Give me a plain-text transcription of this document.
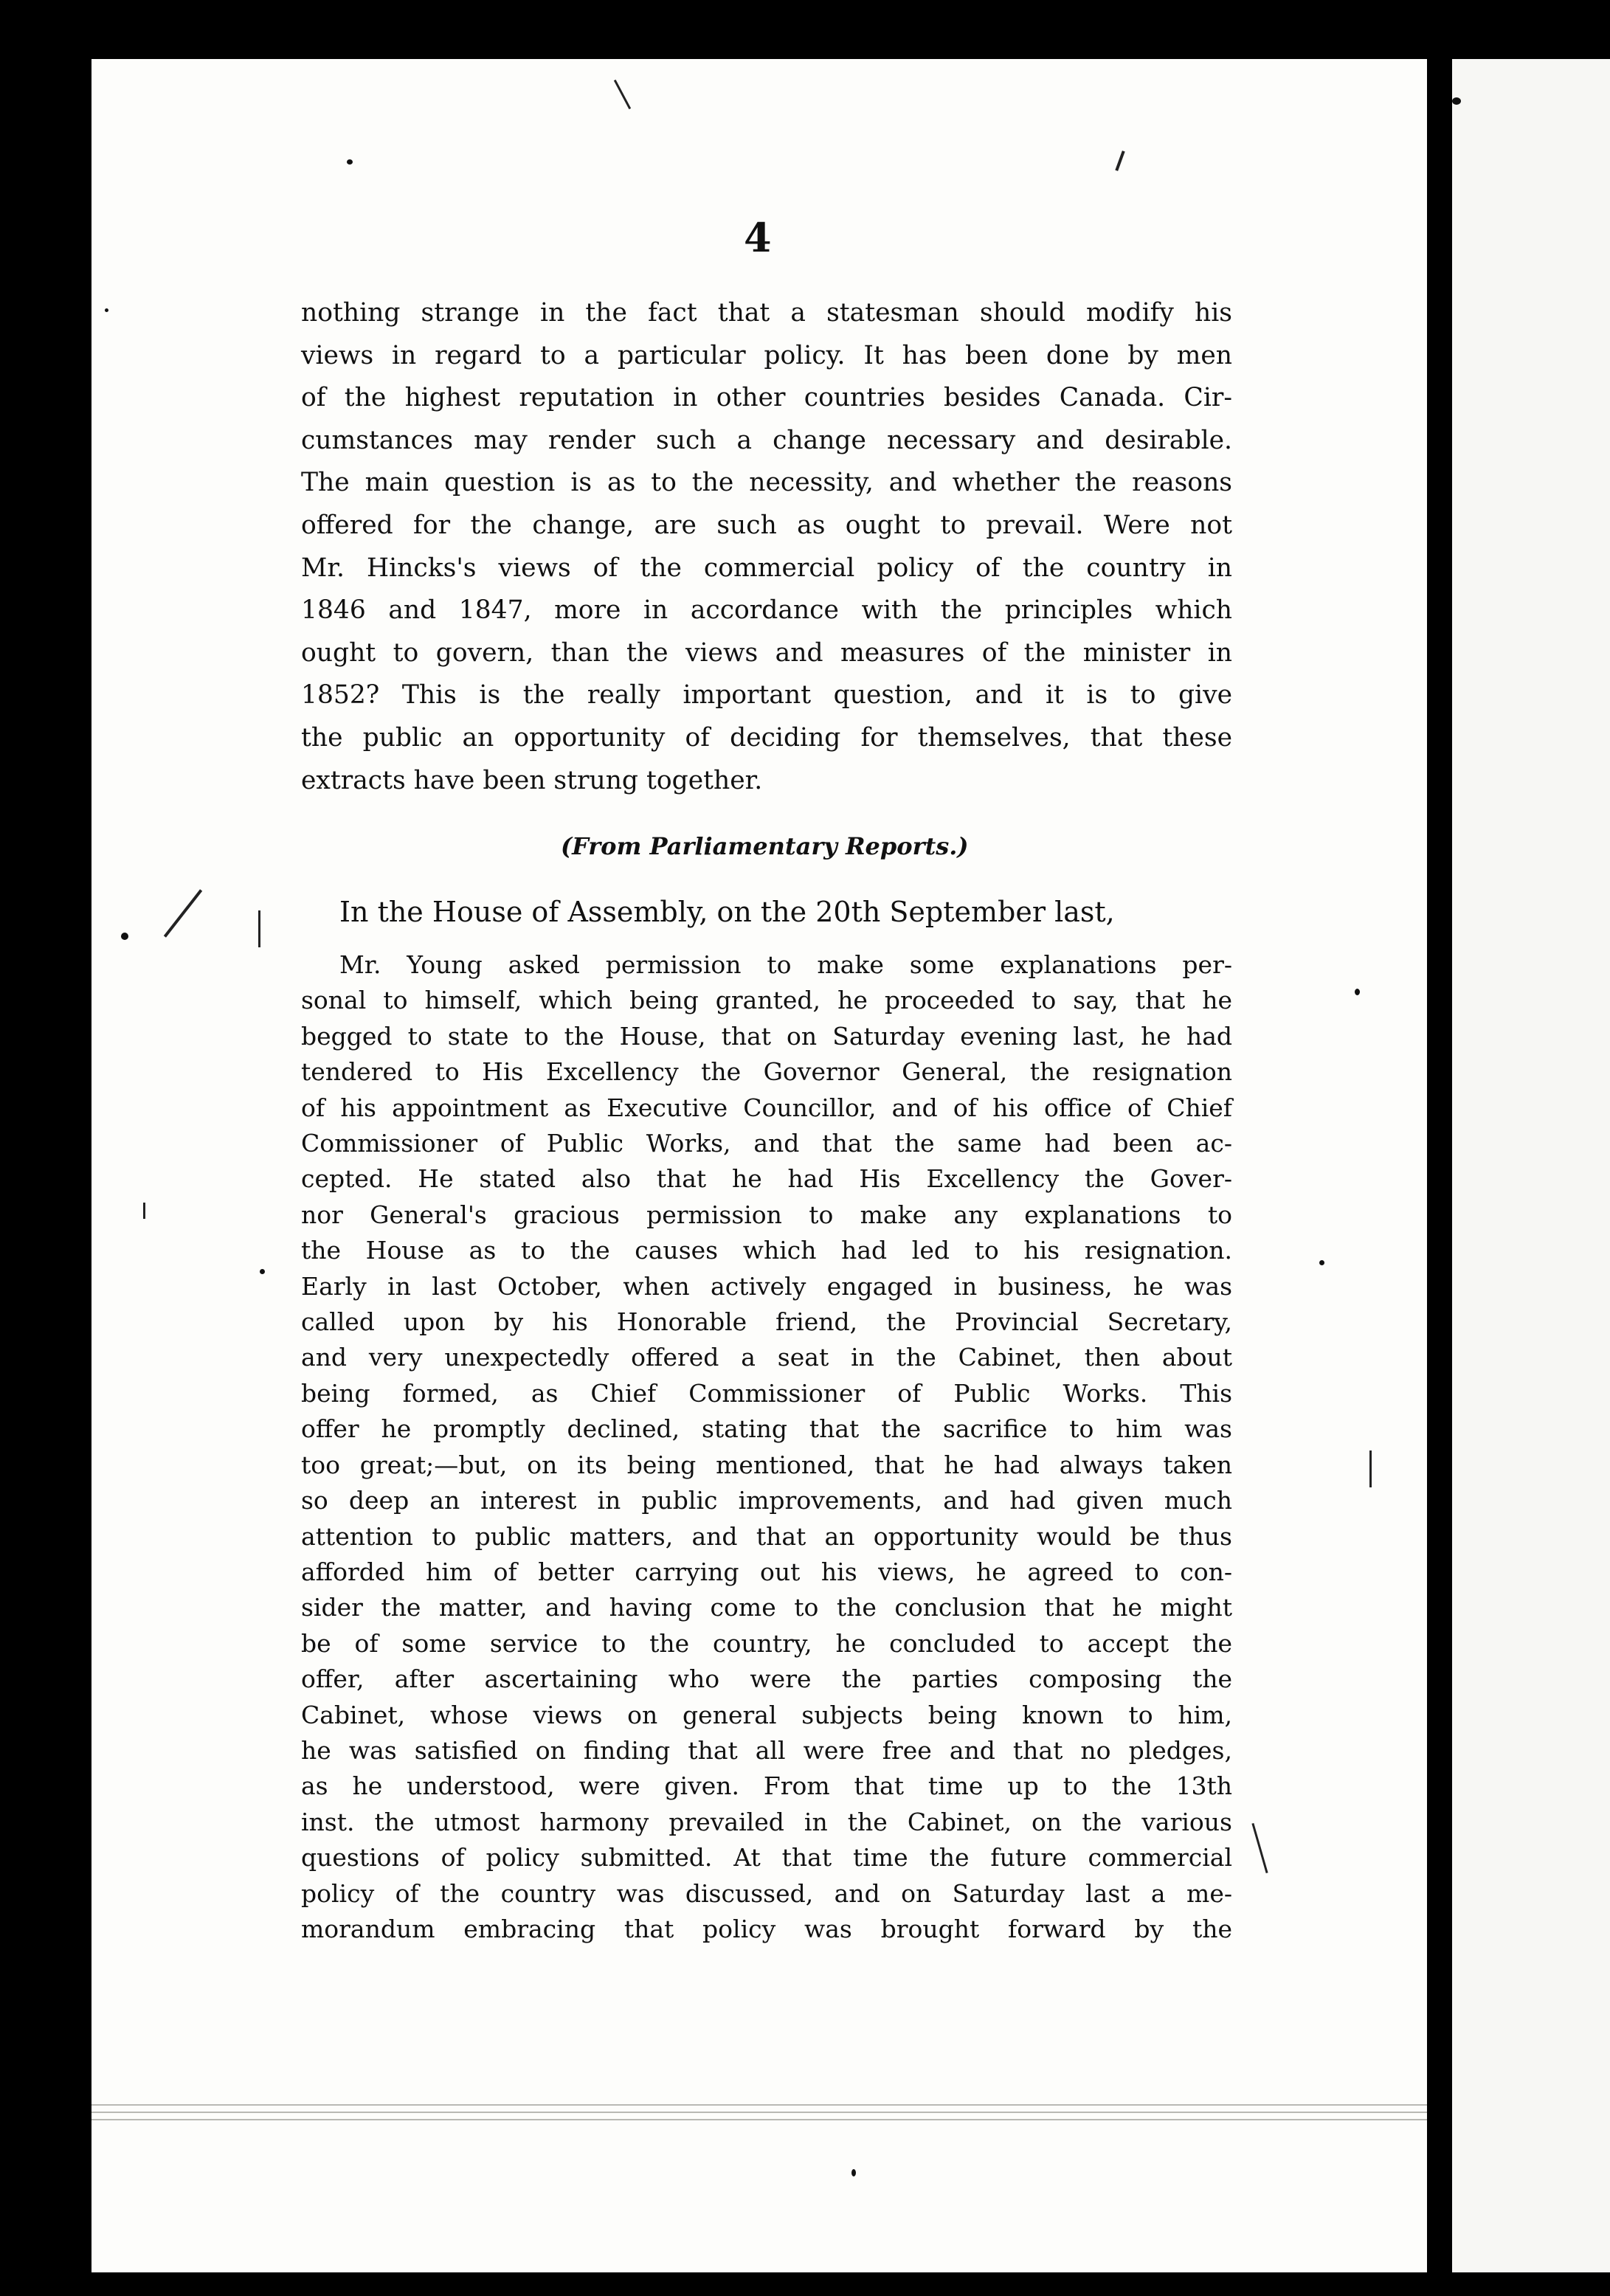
4
nothing strange in the fact that a statesman should modify his
views in regard to a particular policy. It has been done by men
of the highest reputation in other countries besides Canada. Cir-
cumstances may render such a change necessary and desirable.
The main question is as to the necessity, and whether the reasons
offered for the change, are such as ought to prevail. Were not
Mr. Hincks's views of the commercial policy of the country in
1846 and 1847, more in accordance with the principles which
ought to govern, than the views and measures of the minister in
1852? This is the really important question, and it is to give
the public an opportunity of deciding for themselves, that these
extracts have been strung together.
(From Parliamentary Reports.)
In the House of Assembly, on the 20th September last,
Mr. Young asked permission to make some explanations per-
sonal to himself, which being granted, he proceeded to say, that he
begged to state to the House, that on Saturday evening last, he had
tendered to His Excellency the Governor General, the resignation
of his appointment as Executive Councillor, and of his office of Chief
Commissioner of Public Works, and that the same had been ac-
cepted. He stated also that he had His Excellency the Gover-
nor General's gracious permission to make any explanations to
the House as to the causes which had led to his resignation.
Early in last October, when actively engaged in business, he was
called upon by his Honorable friend, the Provincial Secretary,
and very unexpectedly offered a seat in the Cabinet, then about
being formed, as Chief Commissioner of Public Works. This
offer he promptly declined, stating that the sacrifice to him was
too great;—but, on its being mentioned, that he had always taken
so deep an interest in public improvements, and had given much
attention to public matters, and that an opportunity would be thus
afforded him of better carrying out his views, he agreed to con-
sider the matter, and having come to the conclusion that he might
be of some service to the country, he concluded to accept the
offer, after ascertaining who were the parties composing the
Cabinet, whose views on general subjects being known to him,
he was satisfied on finding that all were free and that no pledges,
as he understood, were given. From that time up to the 13th
inst. the utmost harmony prevailed in the Cabinet, on the various
questions of policy submitted. At that time the future commercial
policy of the country was discussed, and on Saturday last a me-
morandum embracing that policy was brought forward by the
